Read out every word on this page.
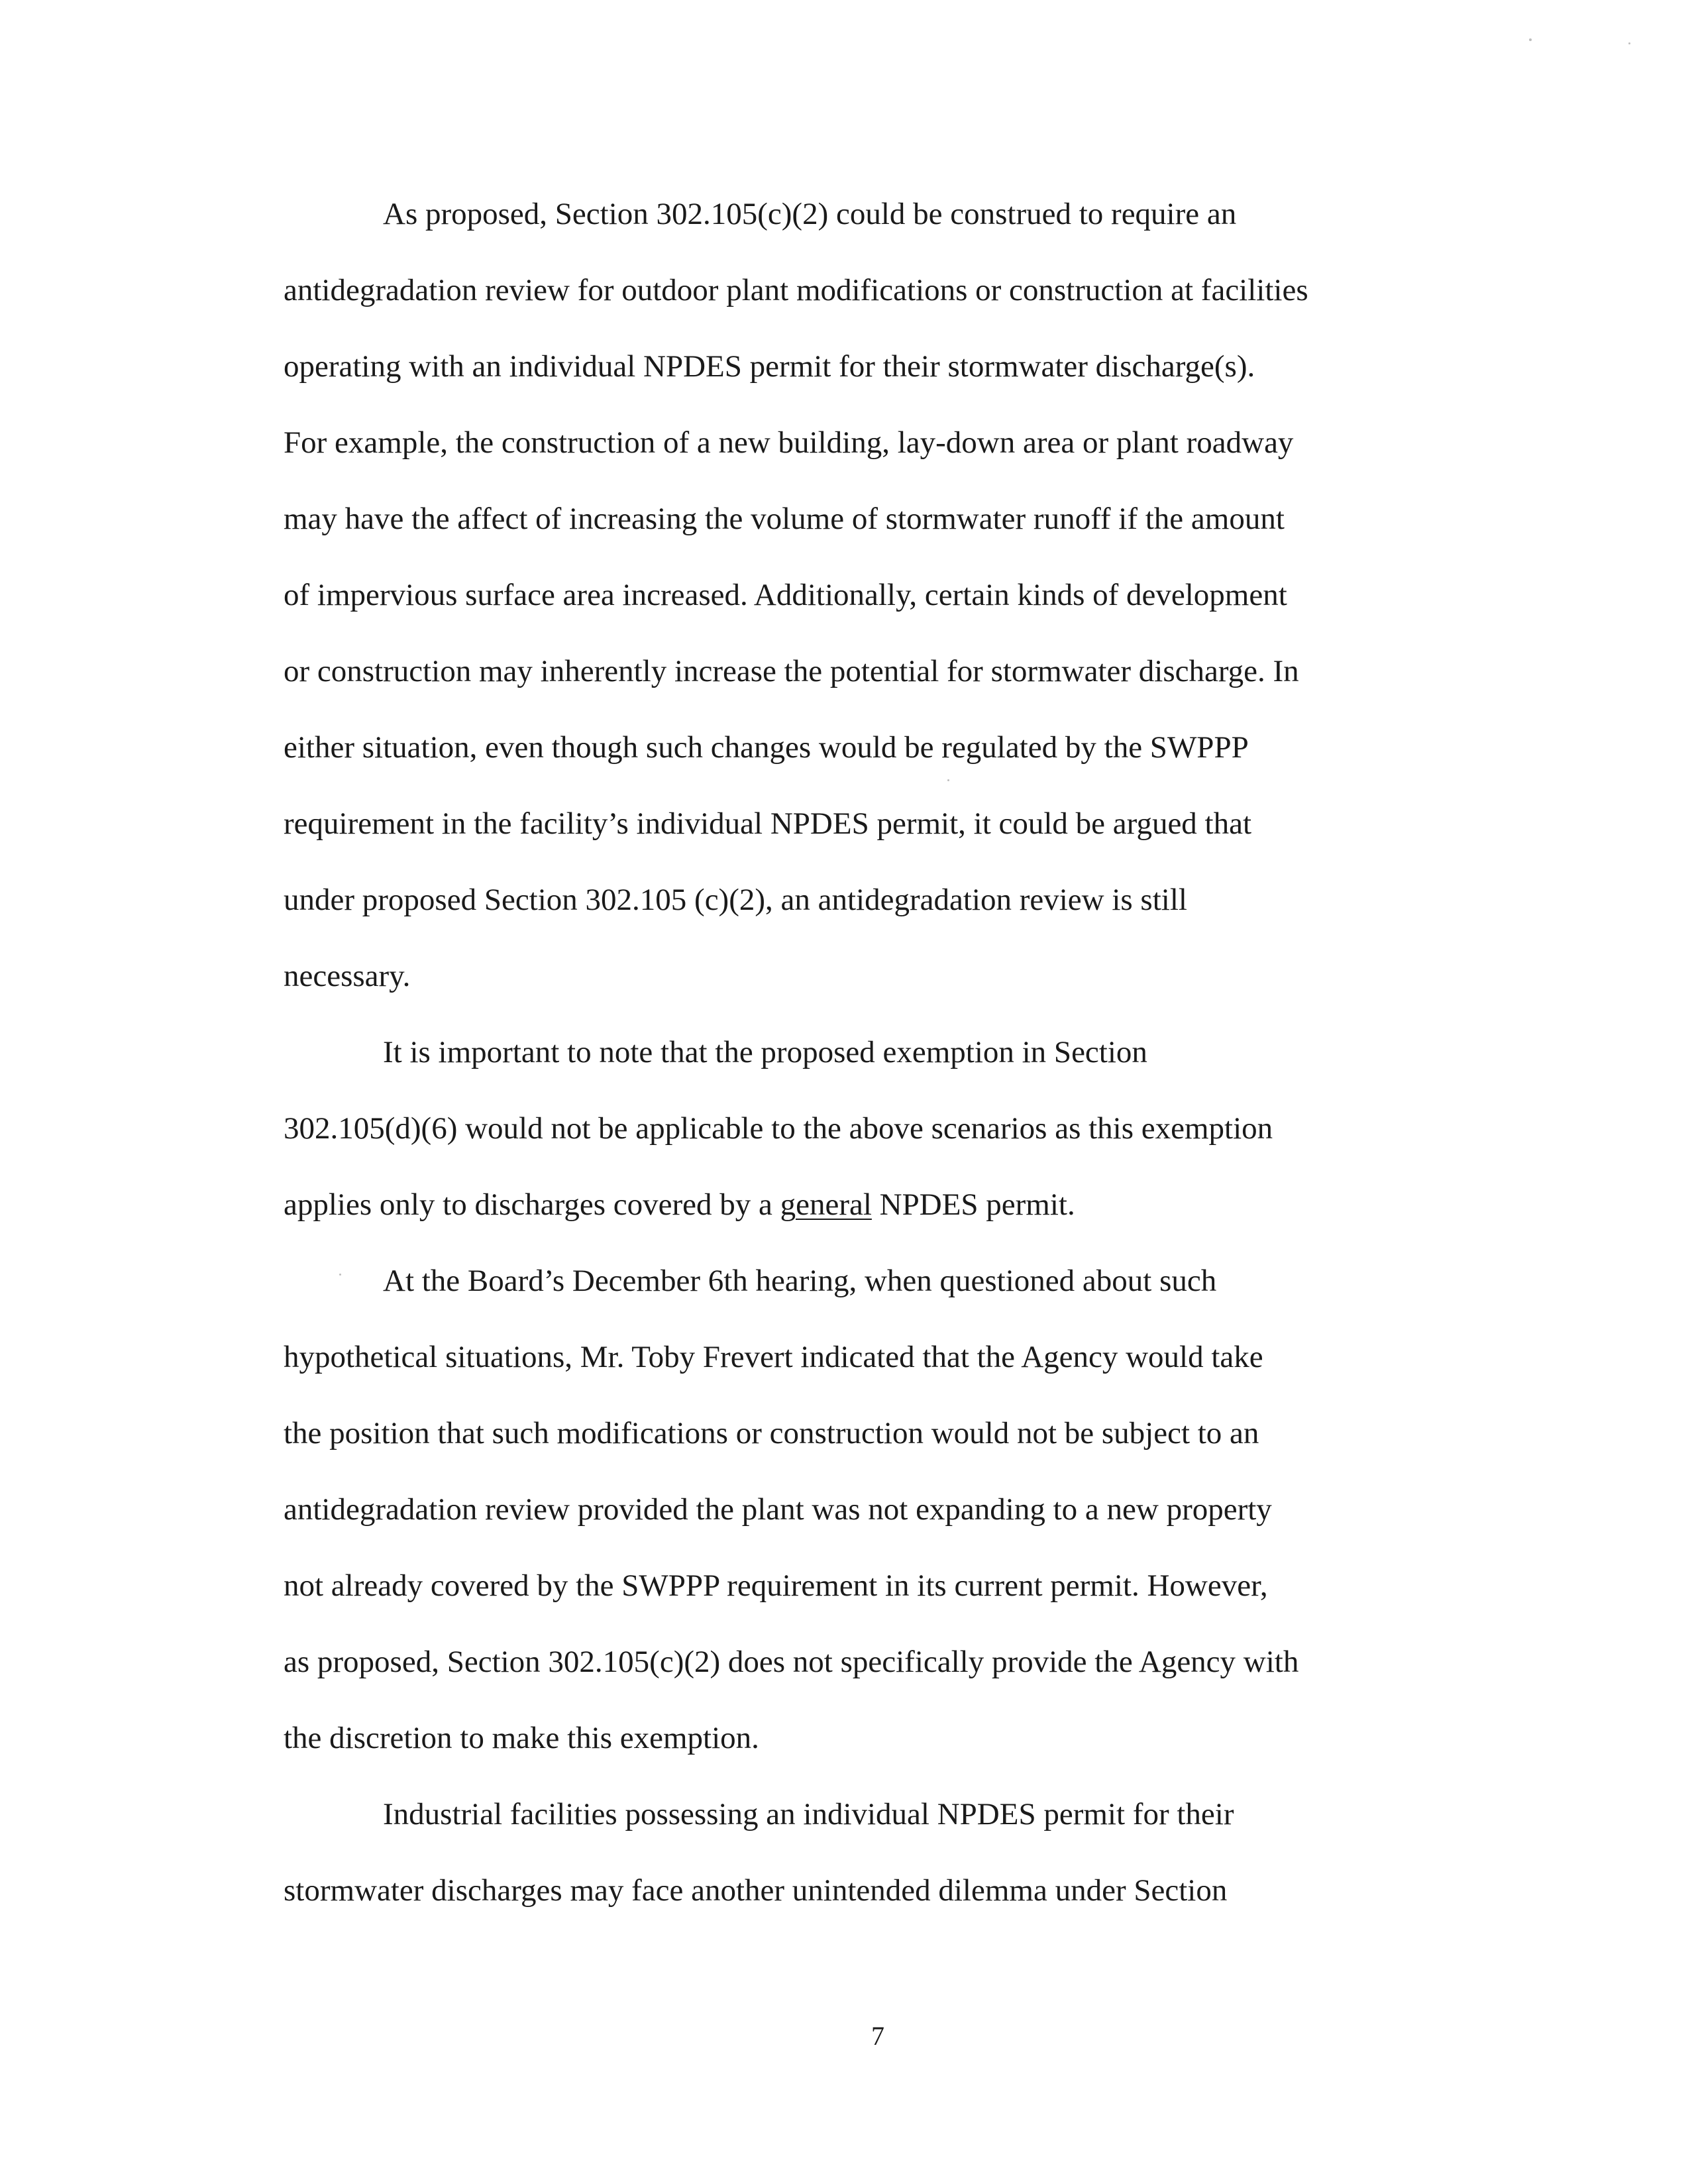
As proposed, Section 302.105(c)(2) could be construed to require an
antidegradation review for outdoor plant modifications or construction at facilities
operating with an individual NPDES permit for their stormwater discharge(s).
For example, the construction of a new building, lay-down area or plant roadway
may have the affect of increasing the volume of stormwater runoff if the amount
of impervious surface area increased. Additionally, certain kinds of development
or construction may inherently increase the potential for stormwater discharge. In
either situation, even though such changes would be regulated by the SWPPP
requirement in the facility’s individual NPDES permit, it could be argued that
under proposed Section 302.105 (c)(2), an antidegradation review is still
necessary.

It is important to note that the proposed exemption in Section
302.105(d)(6) would not be applicable to the above scenarios as this exemption
applies only to discharges covered by a general NPDES permit.

At the Board’s December 6th hearing, when questioned about such
hypothetical situations, Mr. Toby Frevert indicated that the Agency would take
the position that such modifications or construction would not be subject to an
antidegradation review provided the plant was not expanding to a new property
not already covered by the SWPPP requirement in its current permit. However,
as proposed, Section 302.105(c)(2) does not specifically provide the Agency with
the discretion to make this exemption.

Industrial facilities possessing an individual NPDES permit for their
stormwater discharges may face another unintended dilemma under Section

7
